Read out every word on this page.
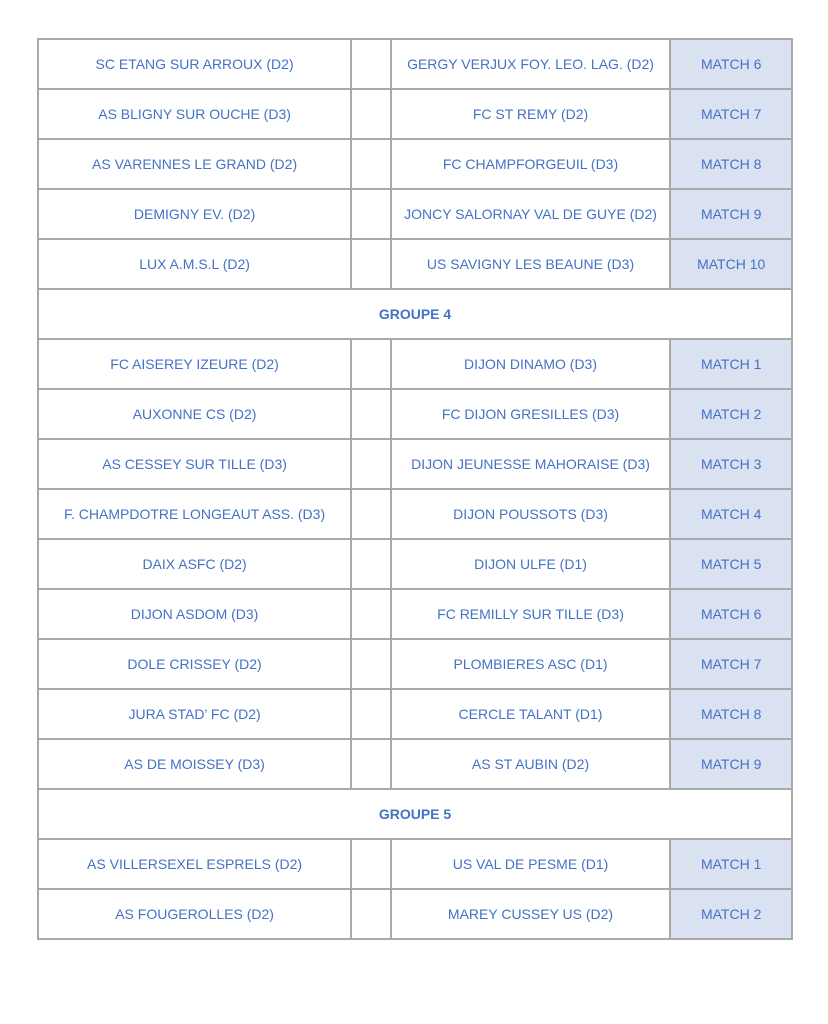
SC ETANG SUR ARROUX (D2)		GERGY VERJUX FOY. LEO. LAG. (D2)	MATCH 6
AS BLIGNY SUR OUCHE (D3)		FC ST REMY (D2)	MATCH 7
AS VARENNES LE GRAND (D2)		FC CHAMPFORGEUIL (D3)	MATCH 8
DEMIGNY EV. (D2)		JONCY SALORNAY VAL DE GUYE (D2)	MATCH 9
LUX A.M.S.L (D2)		US SAVIGNY LES BEAUNE (D3)	MATCH 10
GROUPE 4			
FC AISEREY IZEURE (D2)		DIJON DINAMO (D3)	MATCH 1
AUXONNE CS (D2)		FC DIJON GRESILLES (D3)	MATCH 2
AS CESSEY SUR TILLE (D3)		DIJON JEUNESSE MAHORAISE (D3)	MATCH 3
F. CHAMPDOTRE LONGEAUT ASS. (D3)		DIJON POUSSOTS (D3)	MATCH 4
DAIX ASFC (D2)		DIJON ULFE (D1)	MATCH 5
DIJON ASDOM (D3)		FC REMILLY SUR TILLE (D3)	MATCH 6
DOLE CRISSEY (D2)		PLOMBIERES ASC (D1)	MATCH 7
JURA STAD’ FC (D2)		CERCLE TALANT (D1)	MATCH 8
AS DE MOISSEY (D3)		AS ST AUBIN (D2)	MATCH 9
GROUPE 5			
AS VILLERSEXEL ESPRELS (D2)		US VAL DE PESME (D1)	MATCH 1
AS FOUGEROLLES (D2)		MAREY CUSSEY US (D2)	MATCH 2
